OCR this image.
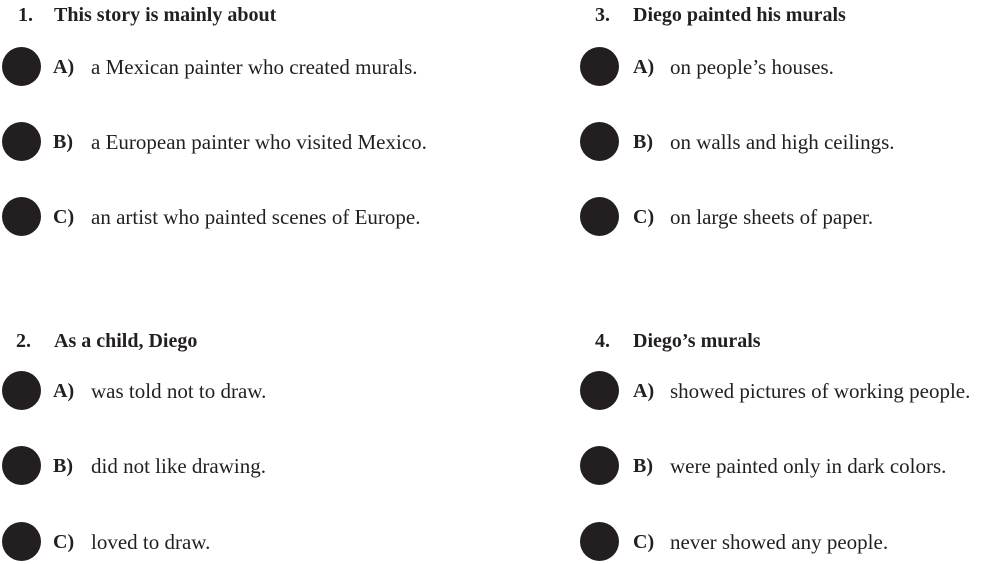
1. This story is mainly about
A) a Mexican painter who created murals.
B) a European painter who visited Mexico.
C) an artist who painted scenes of Europe.
2. As a child, Diego
A) was told not to draw.
B) did not like drawing.
C) loved to draw.
3. Diego painted his murals
A) on people’s houses.
B) on walls and high ceilings.
C) on large sheets of paper.
4. Diego’s murals
A) showed pictures of working people.
B) were painted only in dark colors.
C) never showed any people.
